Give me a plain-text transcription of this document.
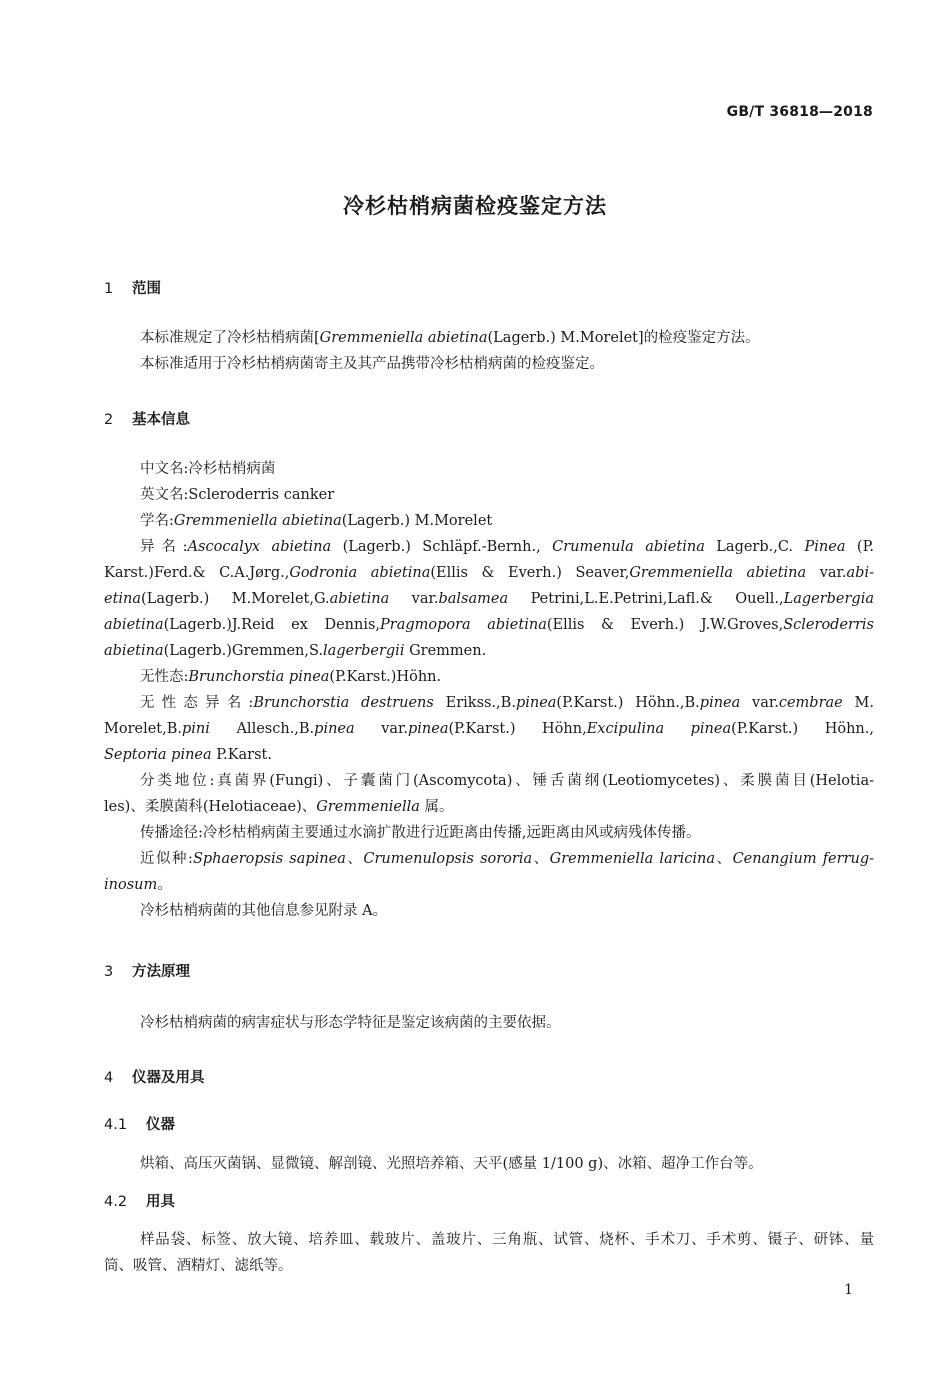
GB/T 36818—2018
冷杉枯梢病菌检疫鉴定方法
1 范围
本标准规定了冷杉枯梢病菌[Gremmeniella abietina(Lagerb.) M.Morelet]的检疫鉴定方法。
本标准适用于冷杉枯梢病菌寄主及其产品携带冷杉枯梢病菌的检疫鉴定。
2 基本信息
中文名:冷杉枯梢病菌
英文名:Scleroderris canker
学名:Gremmeniella abietina(Lagerb.) M.Morelet
异名:Ascocalyx abietina (Lagerb.) Schläpf.-Bernh., Crumenula abietina Lagerb.,C. Pinea (P.
Karst.)Ferd.& C.A.Jørg.,Godronia abietina(Ellis & Everh.) Seaver,Gremmeniella abietina var.abi-
etina(Lagerb.) M.Morelet,G.abietina var.balsamea Petrini,L.E.Petrini,Lafl.& Ouell.,Lagerbergia
abietina(Lagerb.)J.Reid ex Dennis,Pragmopora abietina(Ellis & Everh.) J.W.Groves,Scleroderris
abietina(Lagerb.)Gremmen,S.lagerbergii Gremmen.
无性态:Brunchorstia pinea(P.Karst.)Höhn.
无性态异名:Brunchorstia destruens Erikss.,B.pinea(P.Karst.) Höhn.,B.pinea var.cembrae M.
Morelet,B.pini Allesch.,B.pinea var.pinea(P.Karst.) Höhn,Excipulina pinea(P.Karst.) Höhn.,
Septoria pinea P.Karst.
分类地位:真菌界(Fungi)、子囊菌门(Ascomycota)、锤舌菌纲(Leotiomycetes)、柔膜菌目(Helotia-
les)、柔膜菌科(Helotiaceae)、Gremmeniella 属。
传播途径:冷杉枯梢病菌主要通过水滴扩散进行近距离由传播,远距离由风或病残体传播。
近似种:Sphaeropsis sapinea、Crumenulopsis sororia、Gremmeniella laricina、Cenangium ferrug-
inosum。
冷杉枯梢病菌的其他信息参见附录 A。
3 方法原理
冷杉枯梢病菌的病害症状与形态学特征是鉴定该病菌的主要依据。
4 仪器及用具
4.1 仪器
烘箱、高压灭菌锅、显微镜、解剖镜、光照培养箱、天平(感量 1/100 g)、冰箱、超净工作台等。
4.2 用具
样品袋、标签、放大镜、培养皿、载玻片、盖玻片、三角瓶、试管、烧杯、手术刀、手术剪、镊子、研钵、量
筒、吸管、酒精灯、滤纸等。
1
